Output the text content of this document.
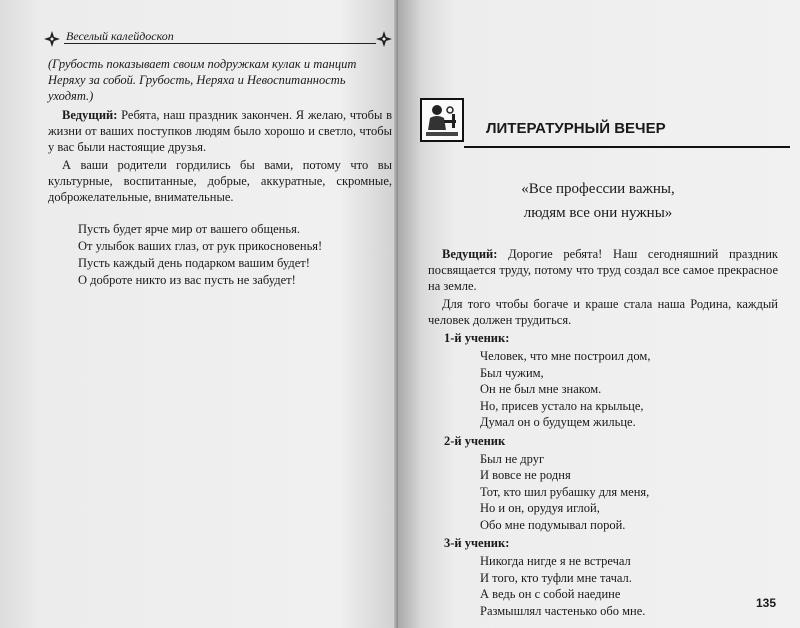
Веселый калейдоскоп

(Грубость показывает своим подружкам кулак и танцит Неряху за собой. Грубость, Неряха и Невоспитанность уходят.)

Ведущий: Ребята, наш праздник закончен. Я желаю, чтобы в жизни от ваших поступков людям было хорошо и светло, чтобы у вас были настоящие друзья.

А ваши родители гордились бы вами, потому что вы культурные, воспитанные, добрые, аккуратные, скромные, доброжелательные, внимательные.

Пусть будет ярче мир от вашего общенья.
От улыбок ваших глаз, от рук прикосновенья!
Пусть каждый день подарком вашим будет!
О доброте никто из вас пусть не забудет!
ЛИТЕРАТУРНЫЙ ВЕЧЕР
«Все профессии важны,
людям все они нужны»

Ведущий: Дорогие ребята! Наш сегодняшний праздник посвящается труду, потому что труд создал все самое прекрасное на земле.

Для того чтобы богаче и краше стала наша Родина, каждый человек должен трудиться.

1-й ученик:
Человек, что мне построил дом,
Был чужим,
Он не был мне знаком.
Но, присев устало на крыльце,
Думал он о будущем жильце.
2-й ученик
Был не друг
И вовсе не родня
Тот, кто шил рубашку для меня,
Но и он, орудуя иглой,
Обо мне подумывал порой.
3-й ученик:
Никогда нигде я не встречал
И того, кто туфли мне тачал.
А ведь он с собой наедине
Размышлял частенько обо мне.
135
